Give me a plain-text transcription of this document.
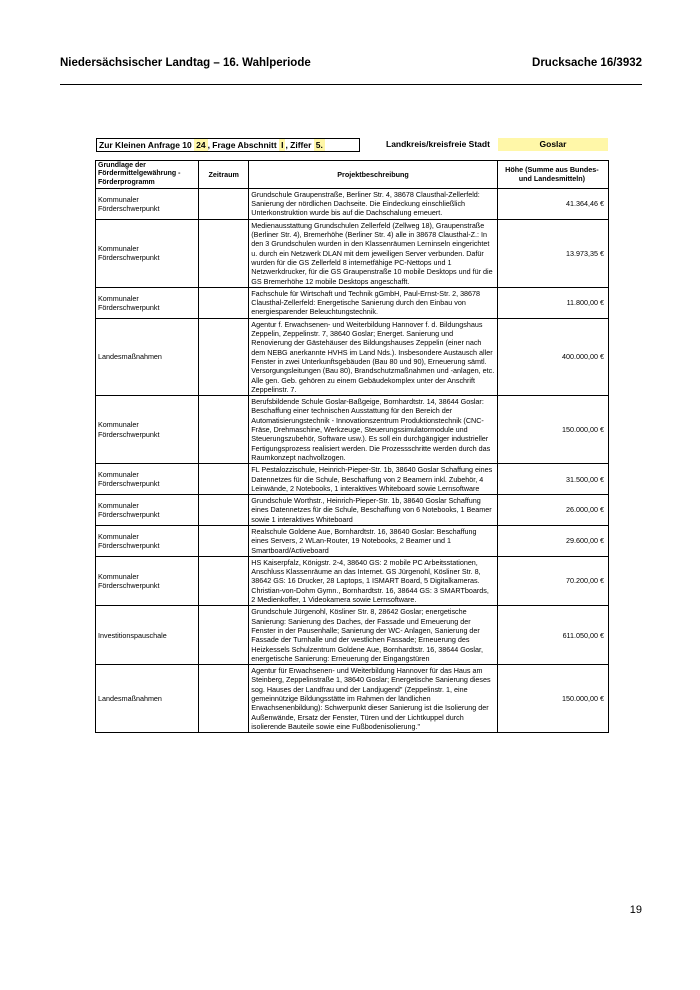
Niedersächsischer Landtag – 16. Wahlperiode	Drucksache 16/3932
Zur Kleinen Anfrage 10 24 , Frage Abschnitt I , Ziffer 5.	Landkreis/kreisfreie Stadt	Goslar
Grundlage der Fördermittelgewährung - Förderprogramm	Zeitraum	Projektbeschreibung	Höhe (Summe aus Bundes- und Landesmitteln)
Kommunaler Förderschwerpunkt		Grundschule Graupenstraße, Berliner Str. 4, 38678 Clausthal-Zellerfeld: Sanierung der nördlichen Dachseite. Die Eindeckung einschließlich Unterkonstruktion wurde bis auf die Dachschalung erneuert.	41.364,46 €
Kommunaler Förderschwerpunkt		Medienausstattung Grundschulen Zellerfeld (Zellweg 18), Graupenstraße (Berliner Str. 4), Bremerhöhe (Berliner Str. 4) alle in 38678 Clausthal-Z.: In den 3 Grundschulen wurden in den Klassenräumen Lerninseln eingerichtet u. durch ein Netzwerk DLAN mit dem jeweiligen Server verbunden. Dafür wurden für die GS Zellerfeld 8 internetfähige PC-Nettops und 1 Netzwerkdrucker, für die GS Graupenstraße 10 mobile Desktops und für die GS Bremerhöhe 12 mobile Desktops angeschafft.	13.973,35 €
Kommunaler Förderschwerpunkt		Fachschule für Wirtschaft und Technik gGmbH, Paul-Ernst-Str. 2, 38678 Clausthal-Zellerfeld: Energetische Sanierung durch den Einbau von energiesparender Beleuchtungstechnik.	11.800,00 €
Landesmaßnahmen		Agentur f. Erwachsenen- und Weiterbildung Hannover f. d. Bildungshaus Zeppelin, Zeppelinstr. 7, 38640 Goslar; Energet. Sanierung und Renovierung der Gästehäuser des Bildungshauses Zeppelin (einer nach dem NEBG anerkannte HVHS im Land Nds.). Insbesondere Austausch aller Fenster in zwei Unterkunftsgebäuden (Bau 80 und 90), Erneuerung sämtl. Versorgungsleitungen (Bau 80), Brandschutzmaßnahmen und -anlagen, etc. Alle gen. Geb. gehören zu einem Gebäudekomplex unter der Anschrift Zeppelinstr. 7.	400.000,00 €
Kommunaler Förderschwerpunkt		Berufsbildende Schule Goslar-Baßgeige, Bornhardtstr. 14, 38644 Goslar: Beschaffung einer technischen Ausstattung für den Bereich der Automatisierungstechnik - Innovationszentrum Produktionstechnik (CNC-Fräse, Drehmaschine, Werkzeuge, Steuerungssimulatormodule und Steuerungszubehör, Software usw.). Es soll ein durchgängiger industrieller Fertigungsprozess realisiert werden. Die Prozessschritte werden durch das Raumkonzept nachvollzogen.	150.000,00 €
Kommunaler Förderschwerpunkt		FL Pestalozzischule, Heinrich-Pieper-Str. 1b, 38640 Goslar Schaffung eines Datennetzes für die Schule, Beschaffung von 2 Beamern inkl. Zubehör, 4 Leinwände, 2 Notebooks, 1 interaktives Whiteboard sowie Lernsoftware	31.500,00 €
Kommunaler Förderschwerpunkt		Grundschule Worthstr., Heinrich-Pieper-Str. 1b, 38640 Goslar Schaffung eines Datennetzes für die Schule, Beschaffung von 6 Notebooks, 1 Beamer sowie 1 interaktives Whiteboard	26.000,00 €
Kommunaler Förderschwerpunkt		Realschule Goldene Aue, Bornhardtstr. 16, 38640 Goslar: Beschaffung eines Servers, 2 WLan-Router, 19 Notebooks, 2 Beamer und 1 Smartboard/Activeboard	29.600,00 €
Kommunaler Förderschwerpunkt		HS Kaiserpfalz, Königstr. 2-4, 38640 GS: 2 mobile PC Arbeitsstationen, Anschluss Klassenräume an das Internet. GS Jürgenohl, Kösliner Str. 8, 38642 GS: 16 Drucker, 28 Laptops, 1 ISMART Board, 5 Digitalkameras. Christian-von-Dohm Gymn., Bornhardtstr. 16, 38644 GS: 3 SMARTboards, 2 Medienkoffer, 1 Videokamera sowie Lernsoftware.	70.200,00 €
Investitionspauschale		Grundschule Jürgenohl, Kösliner Str. 8, 28642 Goslar; energetische Sanierung: Sanierung des Daches, der Fassade und Erneuerung der Fenster in der Pausenhalle; Sanierung der WC- Anlagen, Sanierung der Fassade der Turnhalle und der westlichen Fassade; Erneuerung des Heizkessels Schulzentrum Goldene Aue, Bornhardtstr. 16, 38644 Goslar, energetische Sanierung: Erneuerung der Eingangstüren	611.050,00 €
Landesmaßnahmen		Agentur für Erwachsenen- und Weiterbildung Hannover für das Haus am Steinberg, Zeppelinstraße 1, 38640 Goslar; Energetische Sanierung dieses sog. Hauses der Landfrau und der Landjugend" (Zeppelinstr. 1, eine gemeinnützige Bildungsstätte im Rahmen der ländlichen Erwachsenenbildung): Schwerpunkt dieser Sanierung ist die Isolierung der Außenwände, Ersatz der Fenster, Türen und der Lichtkuppel durch isolierende Bauteile sowie eine Fußbodenisolierung."	150.000,00 €
19
